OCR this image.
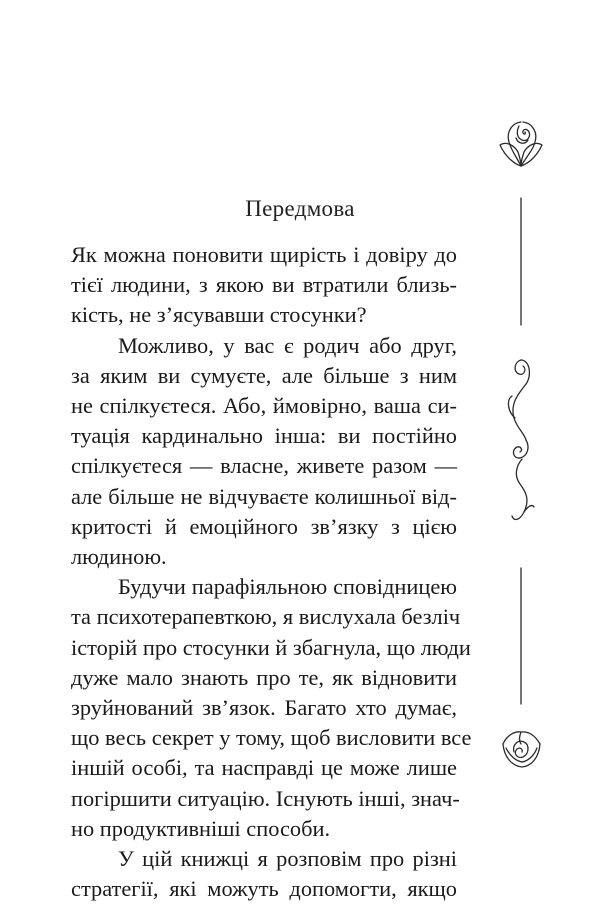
Передмова

Як можна поновити щирість і довіру до
тієї людини, з якою ви втратили близь-
кість, не з’ясувавши стосунки?

Можливо, у вас є родич або друг,
за яким ви сумуєте, але більше з ним
не спілкуєтеся. Або, ймовірно, ваша си-
туація кардинально інша: ви постійно
спілкуєтеся — власне, живете разом —
але більше не відчуваєте колишньої від-
критості й емоційного зв’язку з цією
людиною.

Будучи парафіяльною сповідницею
та психотерапевткою, я вислухала безліч
історій про стосунки й збагнула, що люди
дуже мало знають про те, як відновити
зруйнований зв’язок. Багато хто думає,
що весь секрет у тому, щоб висловити все
іншій особі, та насправді це може лише
погіршити ситуацію. Існують інші, знач-
но продуктивніші способи.

У цій книжці я розповім про різні
стратегії, які можуть допомогти, якщо
